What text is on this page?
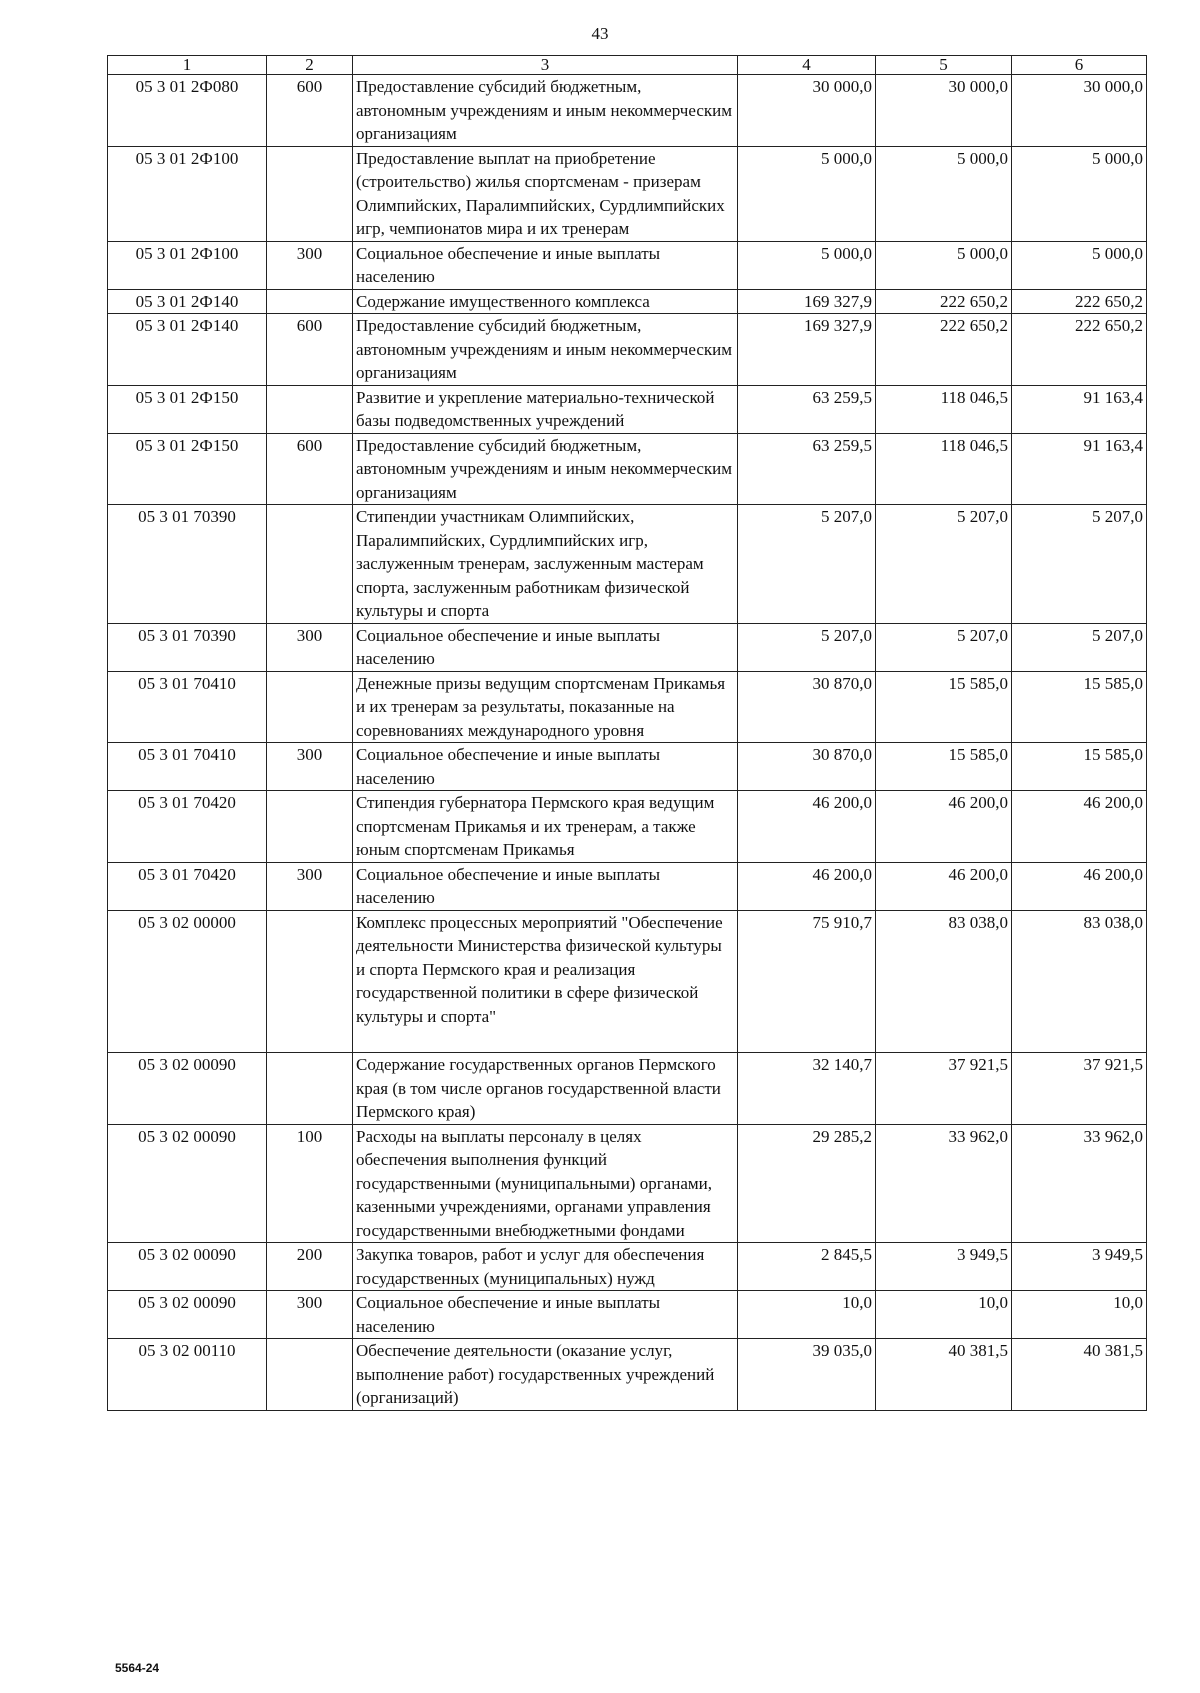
43
1	2	3	4	5	6
05 3 01 2Ф080	600	Предоставление субсидий бюджетным, автономным учреждениям и иным некоммерческим организациям	30 000,0	30 000,0	30 000,0
05 3 01 2Ф100		Предоставление выплат на приобретение (строительство) жилья спортсменам - призерам Олимпийских, Паралимпийских, Сурдлимпийских игр, чемпионатов мира и их тренерам	5 000,0	5 000,0	5 000,0
05 3 01 2Ф100	300	Социальное обеспечение и иные выплаты населению	5 000,0	5 000,0	5 000,0
05 3 01 2Ф140		Содержание имущественного комплекса	169 327,9	222 650,2	222 650,2
05 3 01 2Ф140	600	Предоставление субсидий бюджетным, автономным учреждениям и иным некоммерческим организациям	169 327,9	222 650,2	222 650,2
05 3 01 2Ф150		Развитие и укрепление материально-технической базы подведомственных учреждений	63 259,5	118 046,5	91 163,4
05 3 01 2Ф150	600	Предоставление субсидий бюджетным, автономным учреждениям и иным некоммерческим организациям	63 259,5	118 046,5	91 163,4
05 3 01 70390		Стипендии участникам Олимпийских, Паралимпийских, Сурдлимпийских игр, заслуженным тренерам, заслуженным мастерам спорта, заслуженным работникам физической культуры и спорта	5 207,0	5 207,0	5 207,0
05 3 01 70390	300	Социальное обеспечение и иные выплаты населению	5 207,0	5 207,0	5 207,0
05 3 01 70410		Денежные призы ведущим спортсменам Прикамья и их тренерам за результаты, показанные на соревнованиях международного уровня	30 870,0	15 585,0	15 585,0
05 3 01 70410	300	Социальное обеспечение и иные выплаты населению	30 870,0	15 585,0	15 585,0
05 3 01 70420		Стипендия губернатора Пермского края ведущим спортсменам Прикамья и их тренерам, а также юным спортсменам Прикамья	46 200,0	46 200,0	46 200,0
05 3 01 70420	300	Социальное обеспечение и иные выплаты населению	46 200,0	46 200,0	46 200,0
05 3 02 00000		Комплекс процессных мероприятий "Обеспечение деятельности Министерства физической культуры и спорта Пермского края и реализация государственной политики в сфере физической культуры и спорта"	75 910,7	83 038,0	83 038,0
05 3 02 00090		Содержание государственных органов Пермского края (в том числе органов государственной власти Пермского края)	32 140,7	37 921,5	37 921,5
05 3 02 00090	100	Расходы на выплаты персоналу в целях обеспечения выполнения функций государственными (муниципальными) органами, казенными учреждениями, органами управления государственными внебюджетными фондами	29 285,2	33 962,0	33 962,0
05 3 02 00090	200	Закупка товаров, работ и услуг для обеспечения государственных (муниципальных) нужд	2 845,5	3 949,5	3 949,5
05 3 02 00090	300	Социальное обеспечение и иные выплаты населению	10,0	10,0	10,0
05 3 02 00110		Обеспечение деятельности (оказание услуг, выполнение работ) государственных учреждений (организаций)	39 035,0	40 381,5	40 381,5
5564-24
